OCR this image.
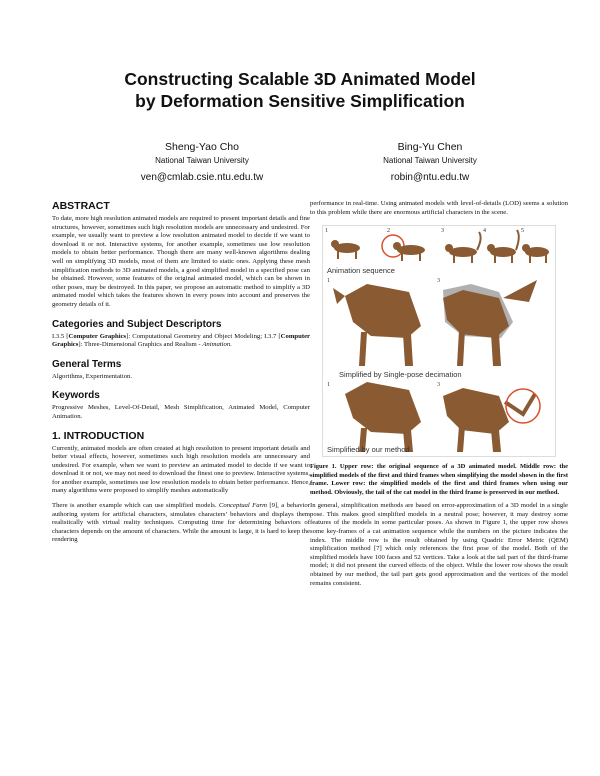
Constructing Scalable 3D Animated Model
by Deformation Sensitive Simplification
Sheng-Yao Cho
National Taiwan University
ven@cmlab.csie.ntu.edu.tw
Bing-Yu Chen
National Taiwan University
robin@ntu.edu.tw
ABSTRACT

To date, more high resolution animated models are required to present important details and fine structures, however, sometimes such high resolution models are unnecessary and undesired. For example, we usually want to preview a low resolution animated model to decide if we want to download it or not. Interactive systems, for another example, sometimes use low resolution models to obtain better performance. Though there are many well-known algorithms dealing well on simplifying 3D models, most of them are limited to static ones. Applying these mesh simplification methods to 3D animated models, a good simplified model in a specified pose can be obtained. However, some features of the original animated model, which can be shown in other poses, may be destroyed. In this paper, we propose an automatic method to simplify a 3D animated model which takes the features shown in every poses into account and preserves the geometry details of it.

Categories and Subject Descriptors

I.3.5 [Computer Graphics]: Computational Geometry and Object Modeling; I.3.7 [Computer Graphics]: Three-Dimensional Graphics and Realism - Animation.

General Terms

Algorithms, Experimentation.

Keywords

Progressive Meshes, Level-Of-Detail, Mesh Simplification, Animated Model, Computer Animation.

1. INTRODUCTION

Currently, animated models are often created at high resolution to present important details and better visual effects, however, sometimes such high resolution models are unnecessary and undesired. For example, when we want to preview an animated model to decide if we want to download it or not, we may not need to download the finest one to preview. Interactive systems, for another example, sometimes use low resolution models to obtain better performance. Hence, many algorithms were proposed to simplify meshes automatically

There is another example which can use simplified models. Conceptual Farm [9], a behavior authoring system for artificial characters, simulates characters’ behaviors and displays them realistically with virtual reality techniques. Computing time for determining behaviors of characters depends on the amount of characters. While the amount is large, it is hard to keep the rendering

performance in real-time. Using animated models with level-of-details (LOD) seems a solution to this problem while there are enormous artificial characters in the scene.

1	2	3	4	5
Animation sequence
1	3
Simplified by Single-pose decimation
1	3
Simplified by our method

Figure 1. Upper row: the original sequence of a 3D animated model. Middle row: the simplified models of the first and third frames when simplifying the model shown in the first frame. Lower row: the simplified models of the first and third frames when using our method. Obviously, the tail of the cat model in the third frame is preserved in our method.

In general, simplification methods are based on error-approximation of a 3D model in a single pose. This makes good simplified models in a neutral pose; however, it may destroy some features of the models in some particular poses. As shown in Figure 1, the upper row shows some key-frames of a cat animation sequence while the numbers on the picture indicates the index. The middle row is the result obtained by using Quadric Error Metric (QEM) simplification method [7] which only references the first pose of the model. Both of the simplified models have 100 faces and 52 vertices. Take a look at the tail part of the third-frame model; it did not present the curved effects of the object. While the lower row shows the result obtained by our method, the tail part gets good approximation and the vertices of the model remains consistent.
